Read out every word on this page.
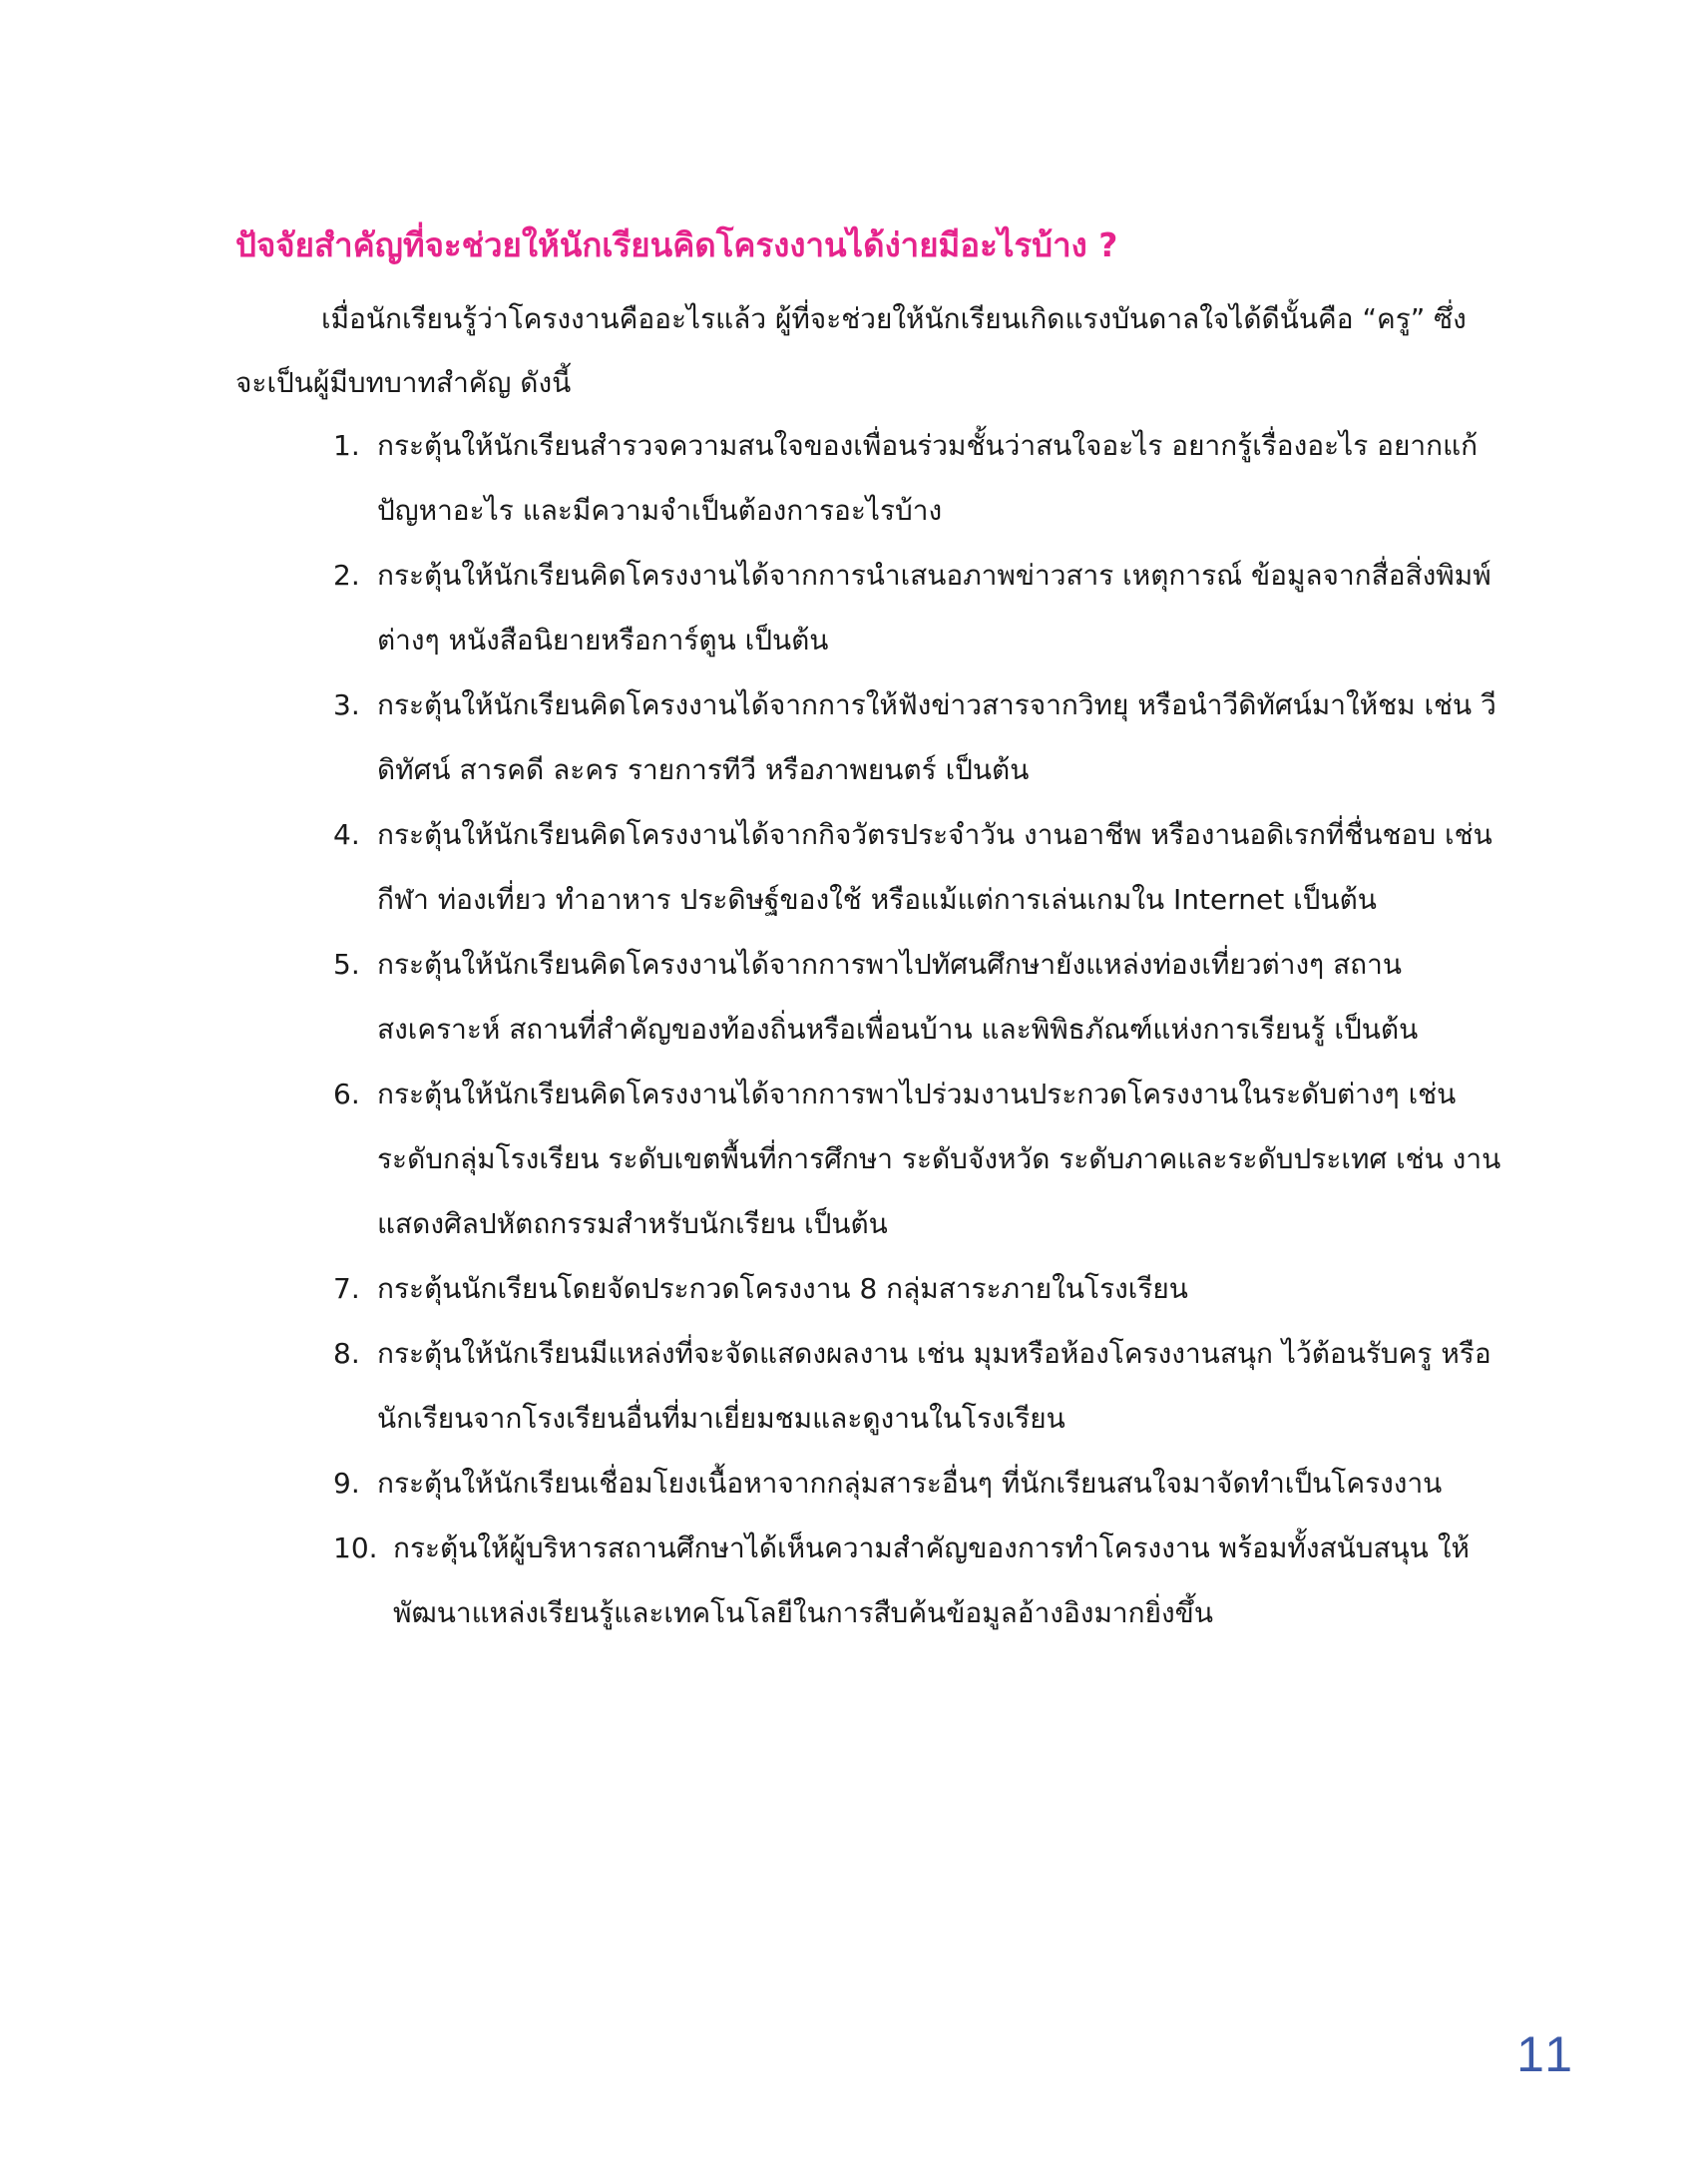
ปัจจัยสำคัญที่จะช่วยให้นักเรียนคิดโครงงานได้ง่ายมีอะไรบ้าง ?

เมื่อนักเรียนรู้ว่าโครงงานคืออะไรแล้ว ผู้ที่จะช่วยให้นักเรียนเกิดแรงบันดาลใจได้ดีนั้นคือ “ครู” ซึ่งจะเป็นผู้มีบทบาทสำคัญ ดังนี้

1. กระตุ้นให้นักเรียนสำรวจความสนใจของเพื่อนร่วมชั้นว่าสนใจอะไร อยากรู้เรื่องอะไร อยากแก้ปัญหาอะไร และมีความจำเป็นต้องการอะไรบ้าง
2. กระตุ้นให้นักเรียนคิดโครงงานได้จากการนำเสนอภาพข่าวสาร เหตุการณ์ ข้อมูลจากสื่อสิ่งพิมพ์ต่างๆ หนังสือนิยายหรือการ์ตูน เป็นต้น
3. กระตุ้นให้นักเรียนคิดโครงงานได้จากการให้ฟังข่าวสารจากวิทยุ หรือนำวีดิทัศน์มาให้ชม เช่น วีดิทัศน์ สารคดี ละคร รายการทีวี หรือภาพยนตร์ เป็นต้น
4. กระตุ้นให้นักเรียนคิดโครงงานได้จากกิจวัตรประจำวัน งานอาชีพ หรืองานอดิเรกที่ชื่นชอบ เช่น กีฬา ท่องเที่ยว ทำอาหาร ประดิษฐ์ของใช้ หรือแม้แต่การเล่นเกมใน Internet เป็นต้น
5. กระตุ้นให้นักเรียนคิดโครงงานได้จากการพาไปทัศนศึกษายังแหล่งท่องเที่ยวต่างๆ สถานสงเคราะห์ สถานที่สำคัญของท้องถิ่นหรือเพื่อนบ้าน และพิพิธภัณฑ์แห่งการเรียนรู้ เป็นต้น
6. กระตุ้นให้นักเรียนคิดโครงงานได้จากการพาไปร่วมงานประกวดโครงงานในระดับต่างๆ เช่น ระดับกลุ่มโรงเรียน ระดับเขตพื้นที่การศึกษา ระดับจังหวัด ระดับภาคและระดับประเทศ เช่น งานแสดงศิลปหัตถกรรมสำหรับนักเรียน เป็นต้น
7. กระตุ้นนักเรียนโดยจัดประกวดโครงงาน 8 กลุ่มสาระภายในโรงเรียน
8. กระตุ้นให้นักเรียนมีแหล่งที่จะจัดแสดงผลงาน เช่น มุมหรือห้องโครงงานสนุก ไว้ต้อนรับครู หรือนักเรียนจากโรงเรียนอื่นที่มาเยี่ยมชมและดูงานในโรงเรียน
9. กระตุ้นให้นักเรียนเชื่อมโยงเนื้อหาจากกลุ่มสาระอื่นๆ ที่นักเรียนสนใจมาจัดทำเป็นโครงงาน
10. กระตุ้นให้ผู้บริหารสถานศึกษาได้เห็นความสำคัญของการทำโครงงาน พร้อมทั้งสนับสนุน ให้พัฒนาแหล่งเรียนรู้และเทคโนโลยีในการสืบค้นข้อมูลอ้างอิงมากยิ่งขึ้น
11
